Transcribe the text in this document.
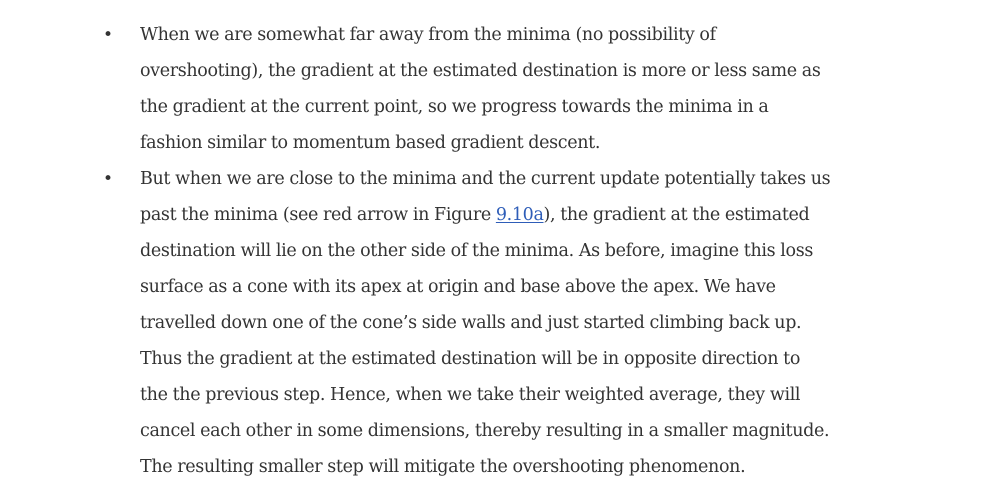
• When we are somewhat far away from the minima (no possibility of
overshooting), the gradient at the estimated destination is more or less same as
the gradient at the current point, so we progress towards the minima in a
fashion similar to momentum based gradient descent.

• But when we are close to the minima and the current update potentially takes us
past the minima (see red arrow in Figure 9.10a), the gradient at the estimated
destination will lie on the other side of the minima. As before, imagine this loss
surface as a cone with its apex at origin and base above the apex. We have
travelled down one of the cone’s side walls and just started climbing back up.
Thus the gradient at the estimated destination will be in opposite direction to
the the previous step. Hence, when we take their weighted average, they will
cancel each other in some dimensions, thereby resulting in a smaller magnitude.
The resulting smaller step will mitigate the overshooting phenomenon.
